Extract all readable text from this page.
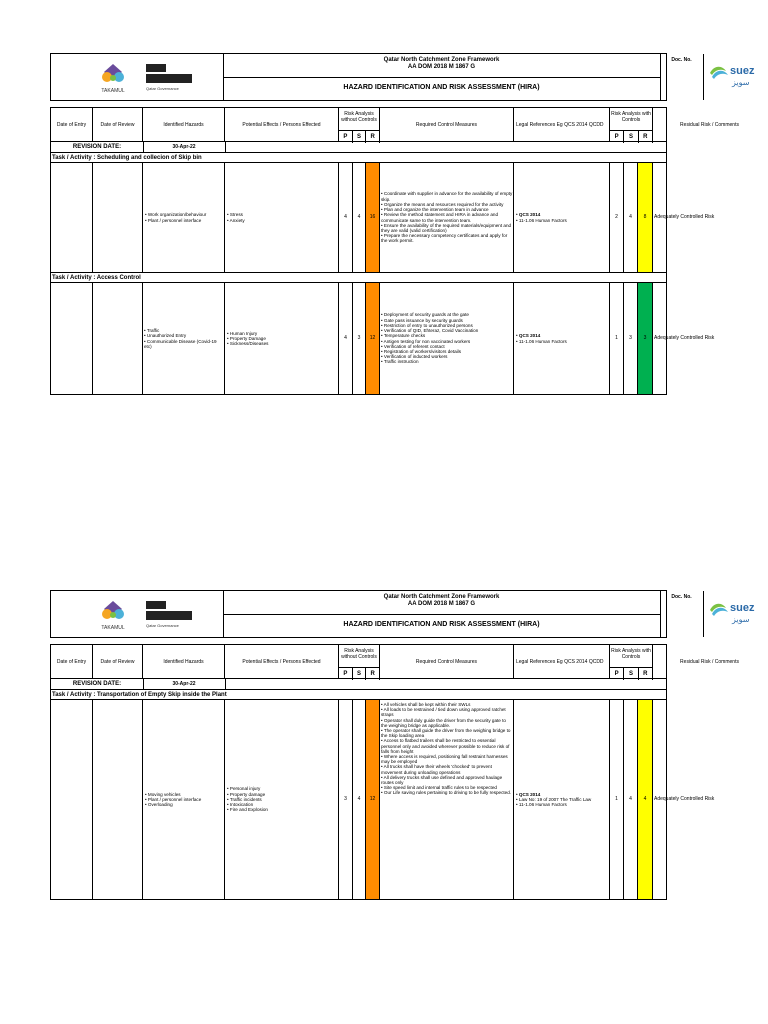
TAKAMUL	Qatar Governance
Qatar North Catchment Zone Framework
AA DOM 2018 M 1867 G
HAZARD IDENTIFICATION AND RISK ASSESSMENT (HIRA)
Doc. No.
suez
سويز
Date of Entry	Date of Review	Identified Hazards	Potential Effects / Persons Effected
Risk Analysis without Controls
P	S	R
Required Control Measures	Legal References Eg QCS 2014 QCDD
Risk Analysis with Controls
P	S	R
Residual Risk / Comments
REVISION DATE:	30-Apr-22
Task / Activity : Scheduling and collecion of Skip bin
• Work organization/behaviour
• Plant / personnel interface
• Stress
• Anxiety
4	4	16
• Coordinate with supplier in advance for the availability of empty skip.
• Organize the means and resources required for the activity
• Plan and organize the intervention team in advance
• Review the method statement and HIRA in advance and communicate same to the intervention team.
• Ensure the availability of the required materials/equipment and they are valid (valid certification)
• Prepare the necessary competency certificates and apply for the work permit.
• QCS 2014
• 11-1.06 Human Factors
2	4	8	Adequately Controlled Risk
Task / Activity : Access Control
• Traffic
• Unauthorized Entry
• Communicable Disease (Covid-19 etc)
• Human Injury
• Property Damage
• Sickness/Diseases
4	3	12
• Deployment of security guards at the gate
• Gate pass issuance by security guards
• Restriction of entry to unauthorized persons
• Verification of QID, Ehteraz, Covid Vaccination
• Temperature checks
• Antigen testing for non vaccinated workers
• Verification of referent contact
• Registration of workers/visitors details
• Verification of inducted workers
• Traffic instruction
• QCS 2014
• 11-1.06 Human Factors
1	3	3	Adequately Controlled Risk
TAKAMUL	Qatar Governance
Qatar North Catchment Zone Framework
AA DOM 2018 M 1867 G
HAZARD IDENTIFICATION AND RISK ASSESSMENT (HIRA)
Doc. No.
suez
سويز
Date of Entry	Date of Review	Identified Hazards	Potential Effects / Persons Effected
Risk Analysis without Controls
P	S	R
Required Control Measures	Legal References Eg QCS 2014 QCDD
Risk Analysis with Controls
P	S	R
Residual Risk / Comments
REVISION DATE:	30-Apr-22
Task / Activity : Transportation of Empty Skip inside the Plant
• Moving vehicles
• Plant / personnel interface
• Overloading
• Personal injury
• Property damage
• Traffic incidents
• Intoxication
• Fire and Explosion
3	4	12
• All vehicles shall be kept within their SWLs
• All loads to be restrained / tied down using approved ratchet straps
• Operator shall duly guide the driver from the security gate to the weighing bridge as applicable.
• The operator shall guide the driver from the weighing bridge to the Skip loading area
• Access to flatbed trailers shall be restricted to essential personnel only and avoided wherever possible to reduce risk of falls from height
• Where access is required, positioning fall restraint harnesses may be employed
• All trucks shall have their wheels 'chocked' to prevent movement during unloading operations
• All delivery trucks shall use defined and approved haulage routes only
• Site speed limit and internal traffic rules to be respected
• Our Life saving rules pertaining to driving to be fully respected.
•	QCS 2014
• Law No: 19 of 2007 The Traffic Law
• 11-1.06 Human Factors
1	4	4	Adequately Controlled Risk
